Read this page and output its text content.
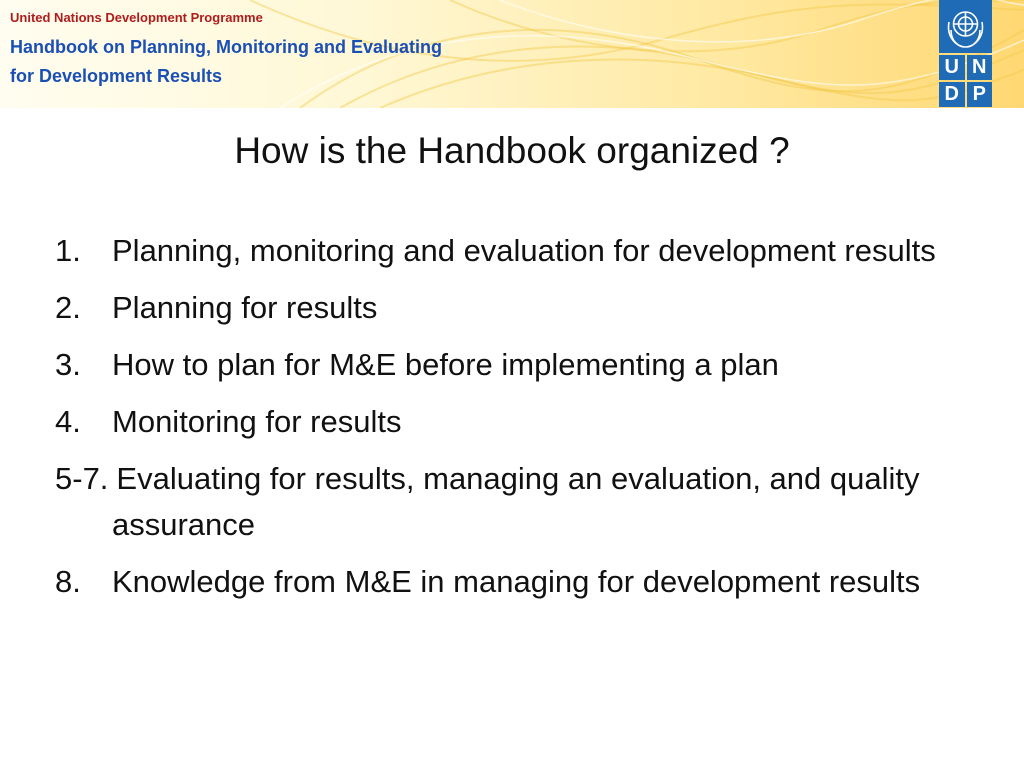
United Nations Development Programme
Handbook on Planning, Monitoring and Evaluating
for Development Results	U N
D P
How is the Handbook organized ?
1. Planning, monitoring and evaluation for development results
2. Planning for results
3. How to plan for M&E before implementing a plan
4. Monitoring for results
5-7. Evaluating for results, managing an evaluation, and quality assurance
8. Knowledge from M&E in managing for development results
